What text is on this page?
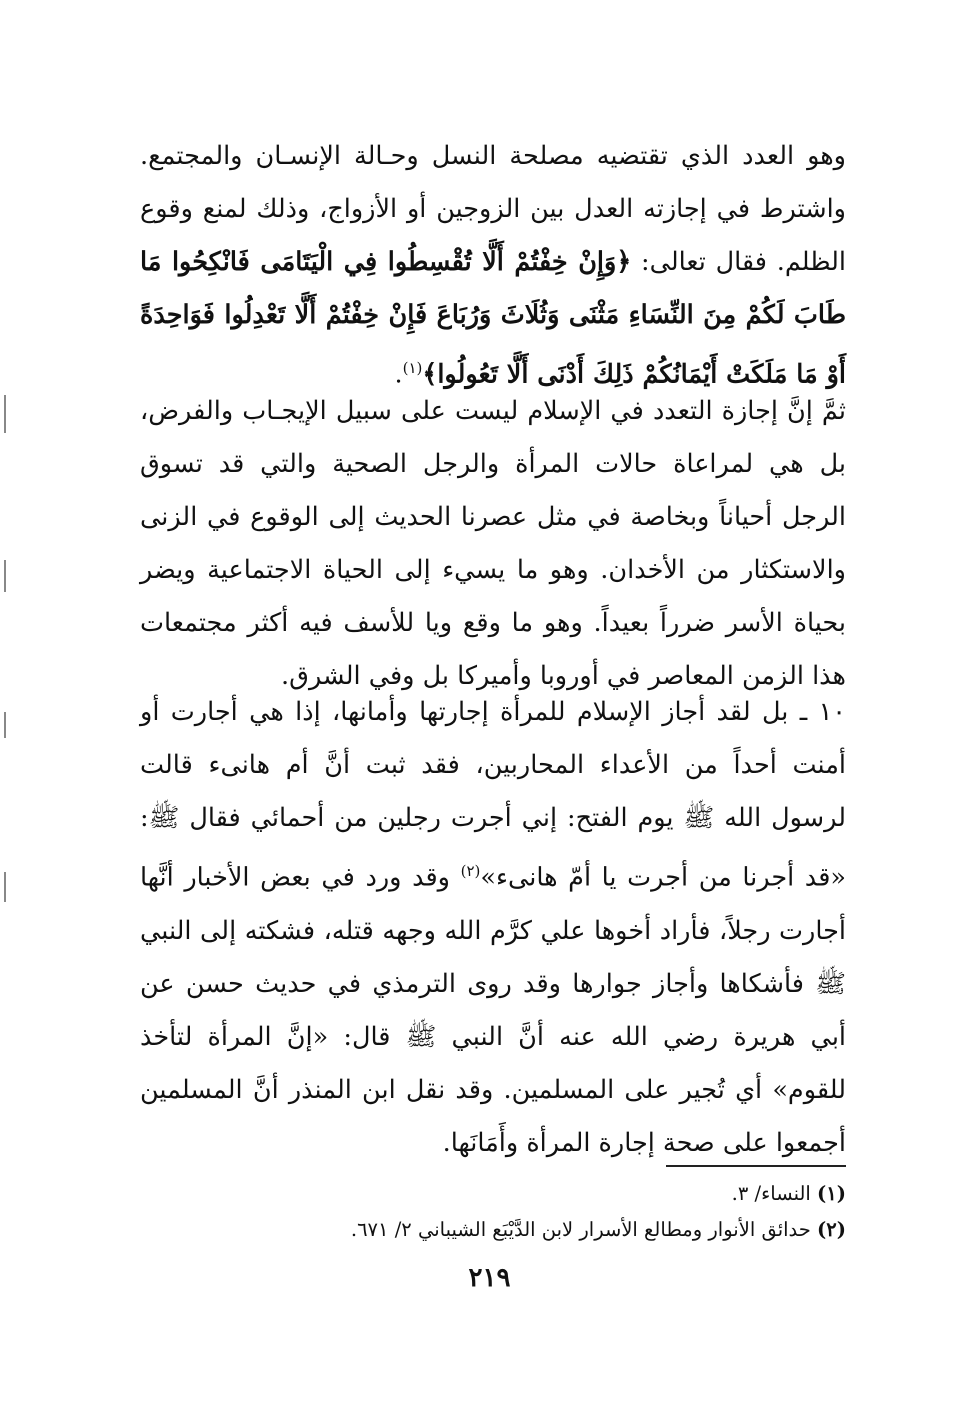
وهو العدد الذي تقتضيه مصلحة النسل وحـالة الإنسـان والمجتمع. واشترط في إجازته العدل بين الزوجين أو الأزواج، وذلك لمنع وقوع الظلم. فقال تعالى: ﴿وَإِنْ خِفْتُمْ أَلَّا تُقْسِطُوا فِي الْيَتَامَى فَانْكِحُوا مَا طَابَ لَكُمْ مِنَ النِّسَاءِ مَثْنَى وَثُلَاثَ وَرُبَاعَ فَإِنْ خِفْتُمْ أَلَّا تَعْدِلُوا فَوَاحِدَةً أَوْ مَا مَلَكَتْ أَيْمَانُكُمْ ذَلِكَ أَدْنَى أَلَّا تَعُولُوا﴾$^{(١)}$.
ثمَّ إنَّ إجازة التعدد في الإسلام ليست على سبيل الإيجـاب والفرض، بل هي لمراعاة حالات المرأة والرجل الصحية والتي قد تسوق الرجل أحياناً وبخاصة في مثل عصرنا الحديث إلى الوقوع في الزنى والاستكثار من الأخدان. وهو ما يسيء إلى الحياة الاجتماعية ويضر بحياة الأسر ضرراً بعيداً. وهو ما وقع ويا للأسف فيه أكثر مجتمعات هذا الزمن المعاصر في أوروبا وأميركا بل وفي الشرق.
١٠ ـ بل لقد أجاز الإسلام للمرأة إجارتها وأمانها، إذا هي أجارت أو أمنت أحداً من الأعداء المحاربين، فقد ثبت أنَّ أم هانىء قالت لرسول الله ﷺ يوم الفتح: إني أجرت رجلين من أحمائي فقال ﷺ: «قد أجرنا من أجرت يا أمّ هانىء»$^{(٢)}$ وقد ورد في بعض الأخبار أنَّها أجارت رجلاً، فأراد أخوها علي كرَّم الله وجهه قتله، فشكته إلى النبي ﷺ فأشكاها وأجاز جوارها وقد روى الترمذي في حديث حسن عن أبي هريرة رضي الله عنه أنَّ النبي ﷺ قال: «إنَّ المرأة لتأخذ للقوم» أي تُجير على المسلمين. وقد نقل ابن المنذر أنَّ المسلمين أجمعوا على صحة إجارة المرأة وأَمَانَها.
(١) النساء/ ٣.
(٢) حدائق الأنوار ومطالع الأسرار لابن الدَّيْبَع الشيباني ٢/ ٦٧١.
٢١٩
